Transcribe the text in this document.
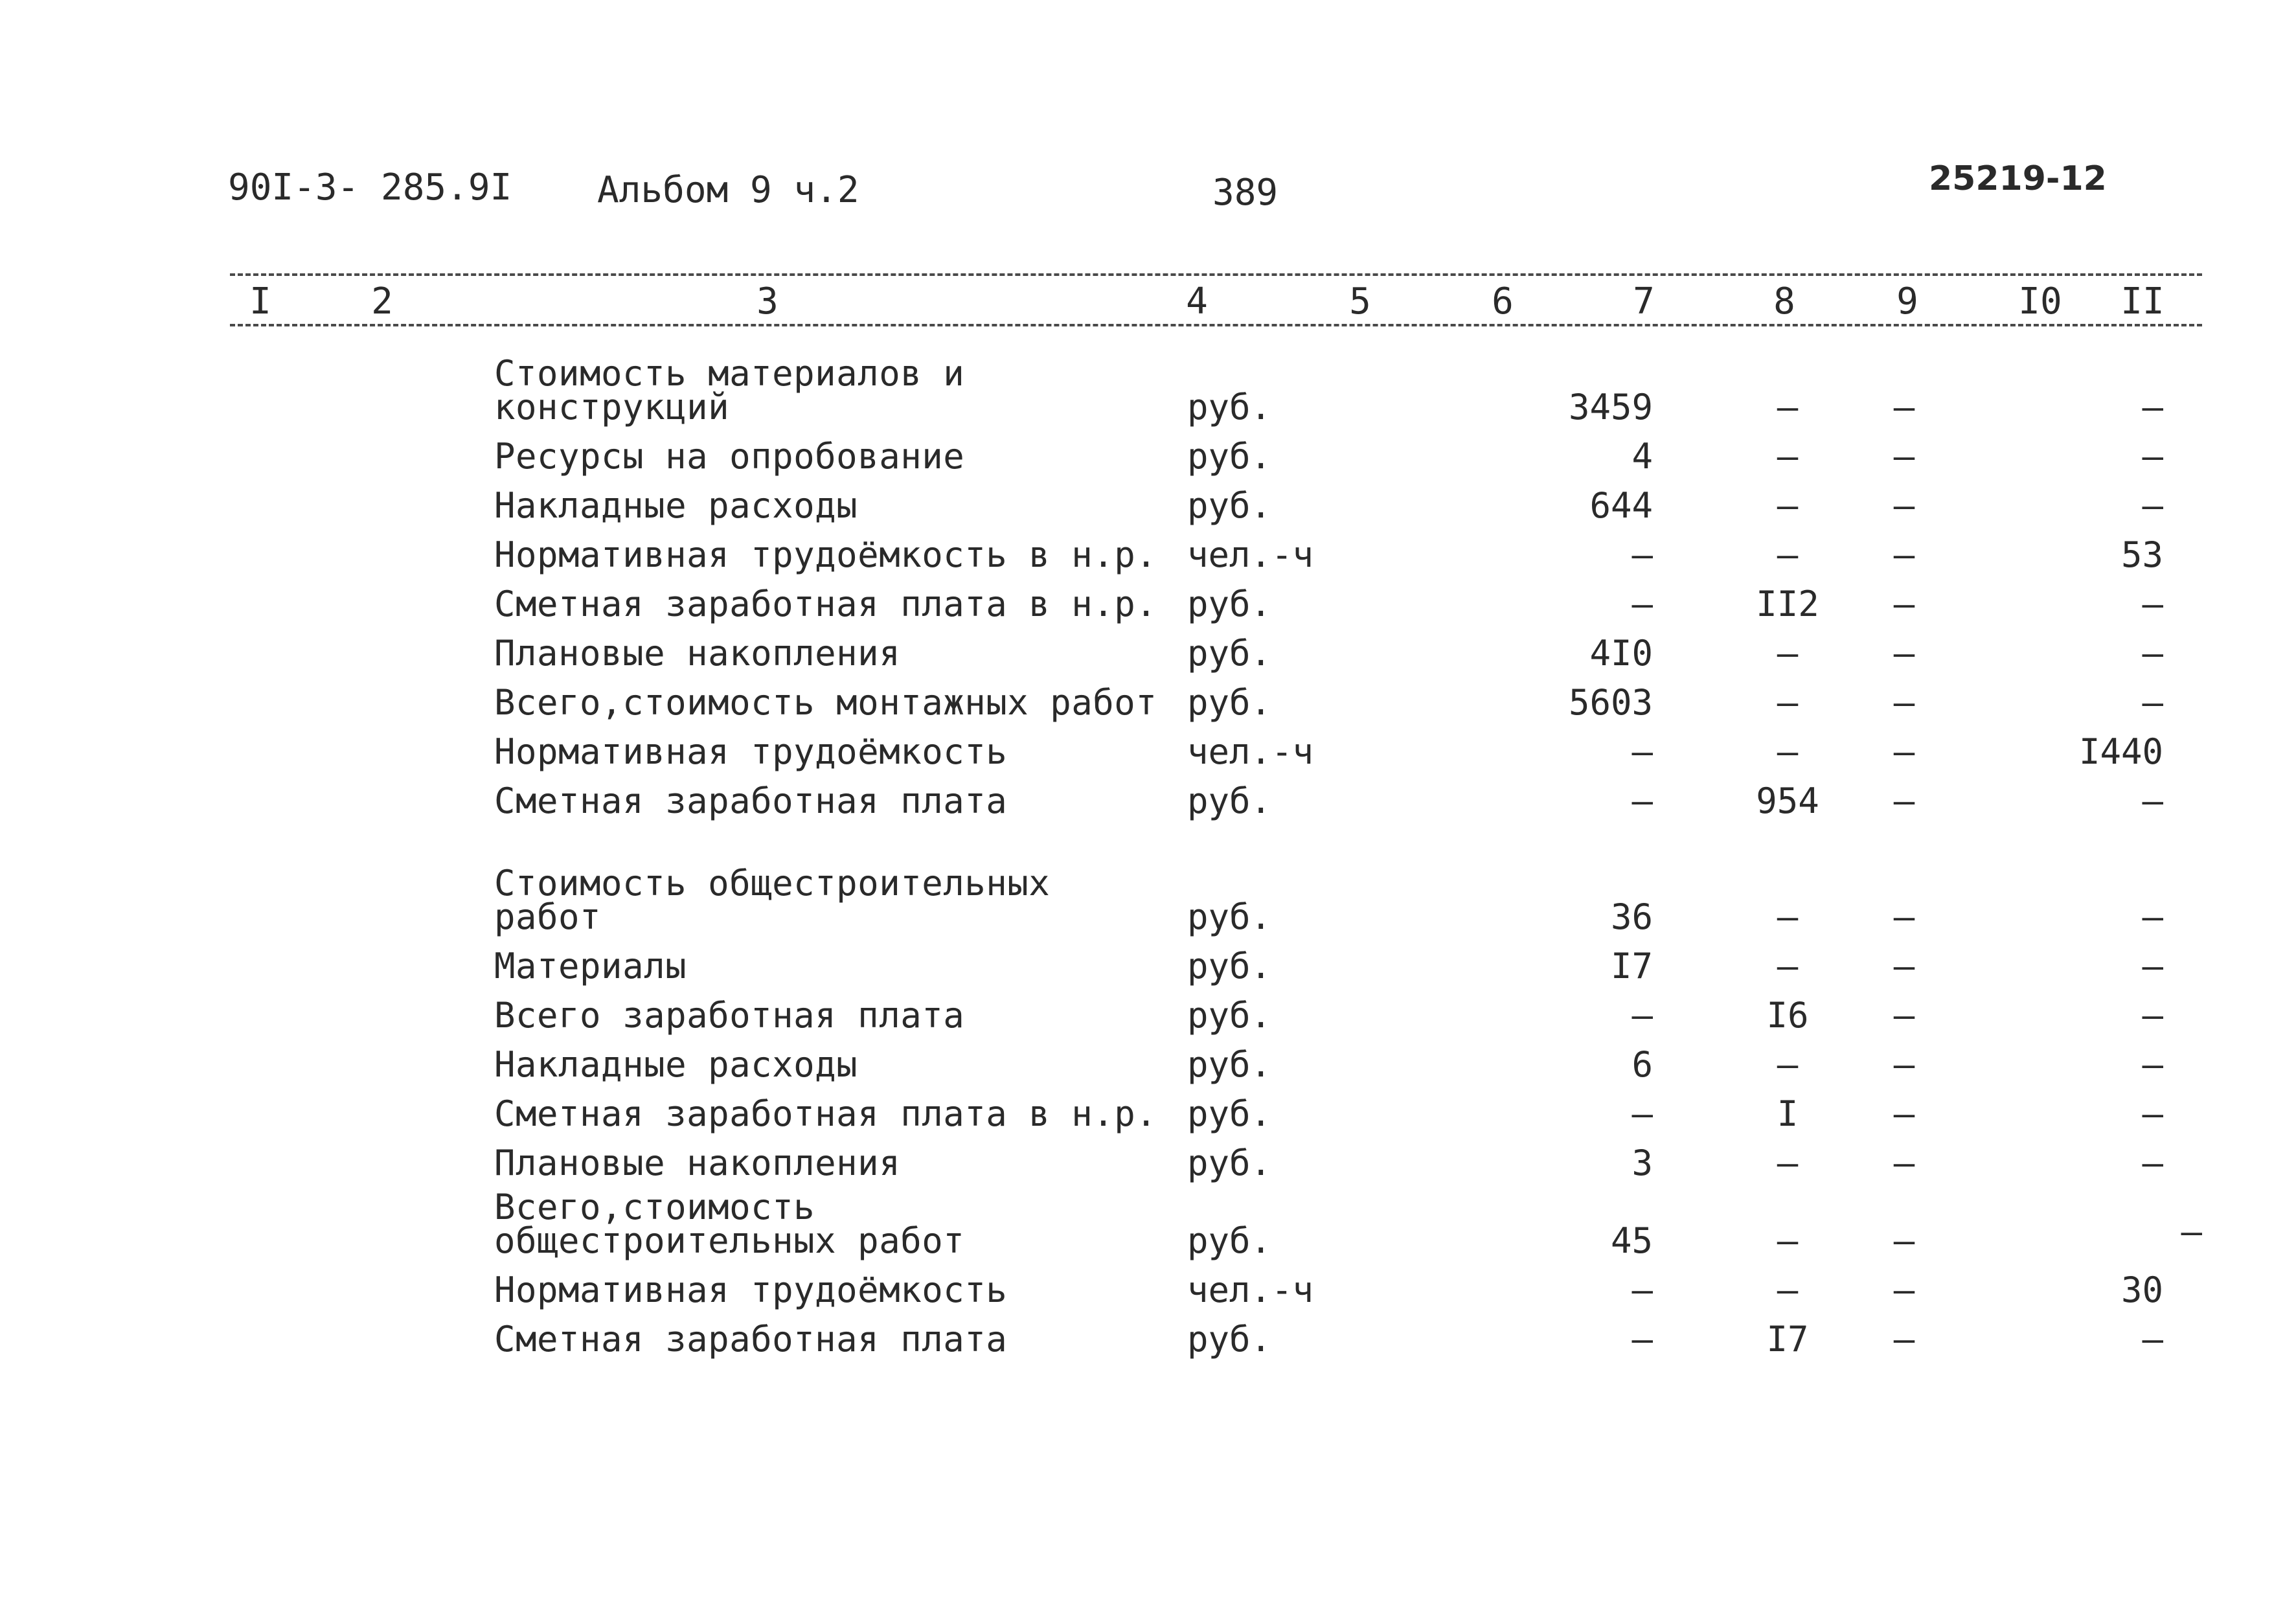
90I-3- 285.9I Альбом 9 ч.2	389	25219-12
I	2	3	4	5	6	7	8	9	I0 II
Стоимость материалов и конструкций	руб.	3459	–	–	–
Ресурсы на опробование	руб.	4	–	–	–
Накладные расходы	руб.	644	–	–	–
Нормативная трудоёмкость в н.р. чел.-ч	–	–	–	53
Сметная заработная плата в н.р. руб.	–	II2	–	–
Плановые накопления	руб.	4I0	–	–	–
Всего,стоимость монтажных работ руб.	5603	–	–	–
Нормативная трудоёмкость	чел.-ч	–	–	–	I440
Сметная заработная плата	руб.	–	954	–	–
Стоимость общестроительных работ	руб.	36	–	–	–
Материалы	руб.	I7	–	–	–
Всего заработная плата	руб.	–	I6	–	–
Накладные расходы	руб.	6	–	–	–
Сметная заработная плата в н.р. руб.	–	I	–	–
Плановые накопления	руб.	3	–	–	–
Всего,стоимость общестроительных работ	руб.	45	–	–	–
Нормативная трудоёмкость	чел.-ч	–	–	–	30
Сметная заработная плата	руб.	–	I7	–	–
